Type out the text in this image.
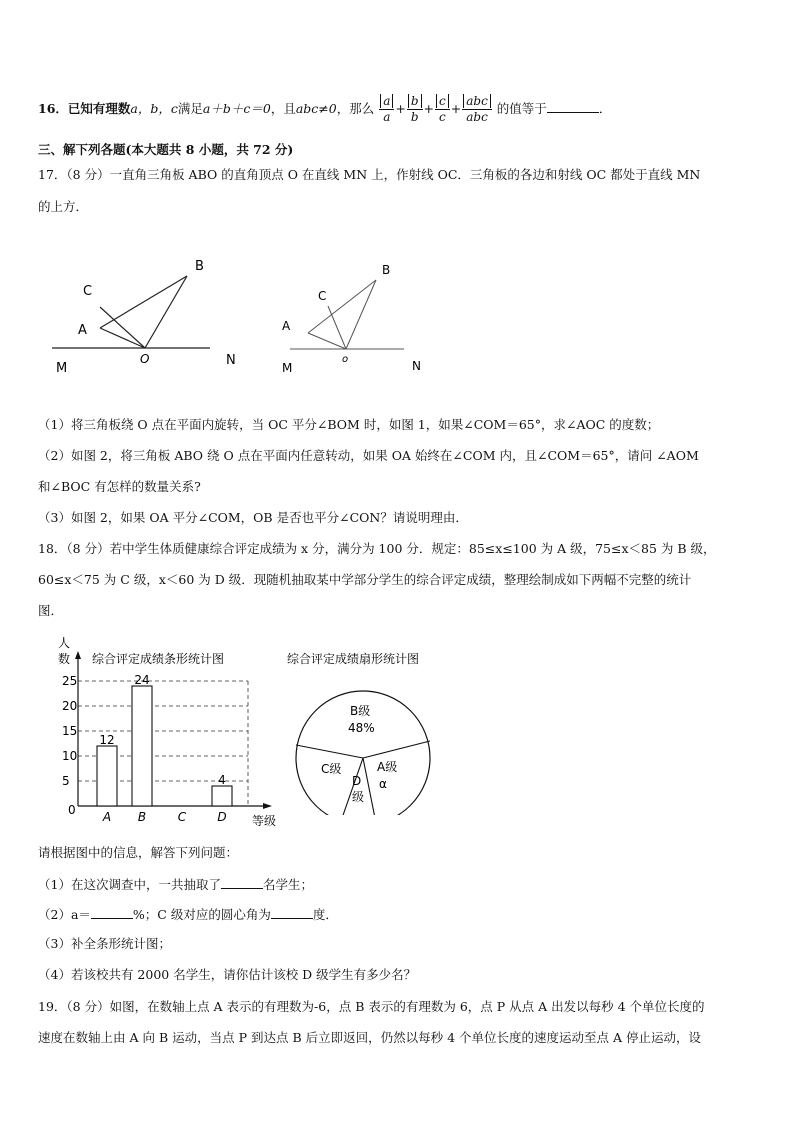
16．已知有理数a，b，c满足a＋b＋c＝0，且abc≠0，那么 $\frac{a}{a} + \frac{b}{b} + \frac{c}{c} + \frac{\text{abc}}{\text{abc}}$ 的值等于	．
三、解下列各题(本大题共 8 小题，共 72 分)
17．（8 分）一直角三角板 ABO 的直角顶点 O 在直线 MN 上，作射线 OC．三角板的各边和射线 OC 都处于直线 MN
的上方．
B
C
A
O
M
N
B
C
A
o
M	N
（1）将三角板绕 O 点在平面内旋转，当 OC 平分∠BOM 时，如图 1，如果∠COM＝65°，求∠AOC 的度数；
（2）如图 2，将三角板 ABO 绕 O 点在平面内任意转动，如果 OA 始终在∠COM 内，且∠COM＝65°，请问 ∠AOM
和∠BOC 有怎样的数量关系?
（3）如图 2，如果 OA 平分∠COM，OB 是否也平分∠CON？请说明理由．
18．（8 分）若中学生体质健康综合评定成绩为 x 分，满分为 100 分．规定：85≤x≤100 为 A 级，75≤x＜85 为 B 级，
60≤x＜75 为 C 级，x＜60 为 D 级．现随机抽取某中学部分学生的综合评定成绩，整理绘制成如下两幅不完整的统计
图．
人
数 综合评定成绩条形统计图
0
5
10
15
20
25
等级
12
A
24
B	C
4
D
综合评定成绩扇形统计图
B级
48%
A级
α
C级
D
级
请根据图中的信息，解答下列问题：
（1）在这次调查中，一共抽取了	名学生；
（2）a＝	%；C 级对应的圆心角为	度．
（3）补全条形统计图；
（4）若该校共有 2000 名学生，请你估计该校 D 级学生有多少名？
19．（8 分）如图，在数轴上点 A 表示的有理数为-6，点 B 表示的有理数为 6，点 P 从点 A 出发以每秒 4 个单位长度的
速度在数轴上由 A 向 B 运动，当点 P 到达点 B 后立即返回，仍然以每秒 4 个单位长度的速度运动至点 A 停止运动，设
